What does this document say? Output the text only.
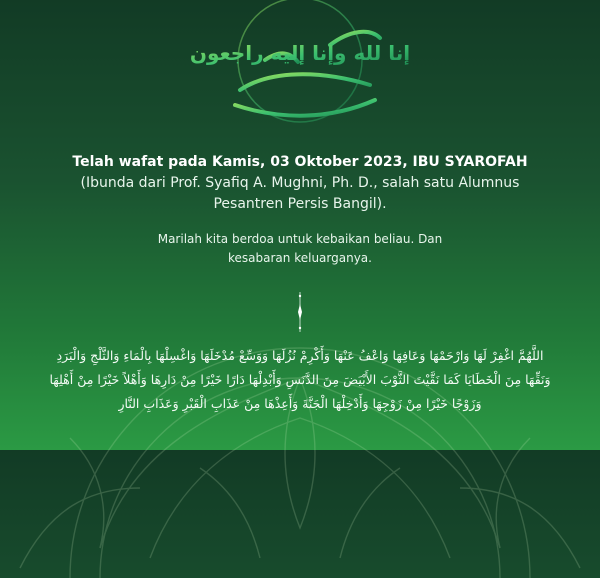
إنا لله وإنا إليه راجعون
Telah wafat pada Kamis, 03 Oktober 2023, IBU SYAROFAH
(Ibunda dari Prof. Syafiq A. Mughni, Ph. D., salah satu Alumnus
Pesantren Persis Bangil).
Marilah kita berdoa untuk kebaikan beliau. Dan
kesabaran keluarganya.
اللَّهُمَّ اغْفِرْ لَهَا وَارْحَمْهَا وَعَافِهَا وَاعْفُ عَنْهَا وَأَكْرِمْ نُزُلَهَا وَوَسِّعْ مُدْخَلَهَا وَاغْسِلْهَا بِالْمَاءِ وَالثَّلْجِ وَالْبَرَدِ
وَنَقِّهَا مِنَ الْخَطَايَا كَمَا نَقَّيْتَ الثَّوْبَ الأَبْيَضَ مِنَ الدَّنَسِ وَأَبْدِلْهَا دَارًا خَيْرًا مِنْ دَارِهَا وَأَهْلاً خَيْرًا مِنْ أَهْلِهَا
وَزَوْجًا خَيْرًا مِنْ زَوْجِهَا وَأَدْخِلْهَا الْجَنَّةَ وَأَعِذْهَا مِنْ عَذَابِ الْقَبْرِ وَعَذَابِ النَّارِ
